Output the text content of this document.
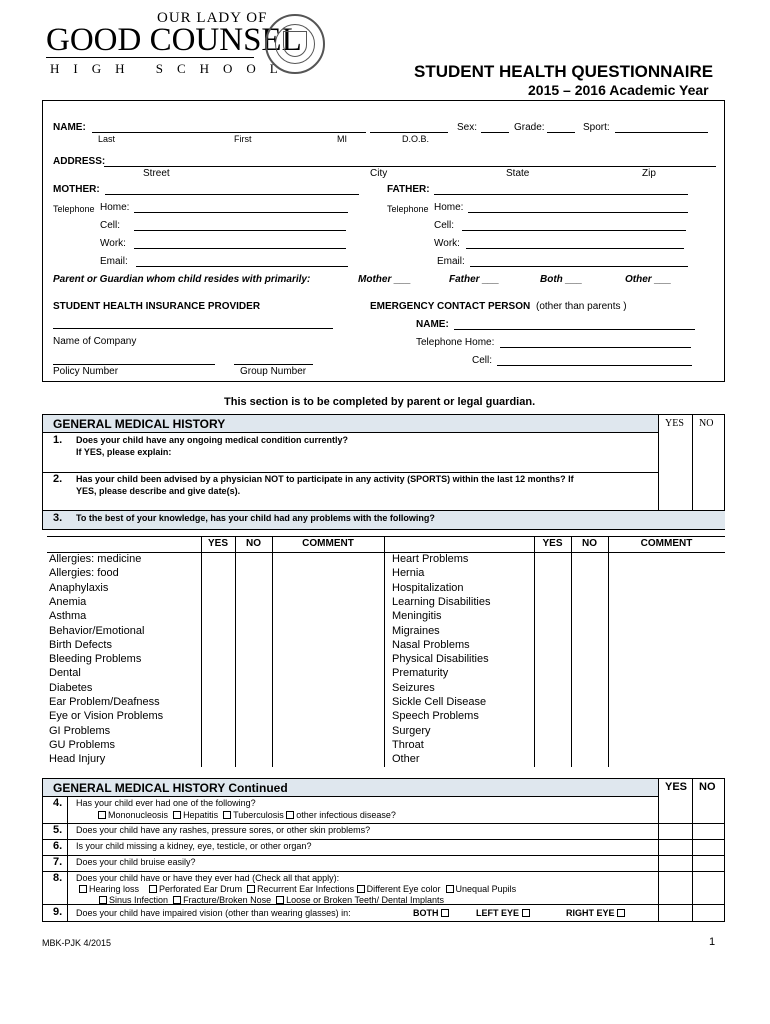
OUR LADY OF
GOOD COUNSEL
HIGH SCHOOL	STUDENT HEALTH QUESTIONNAIRE
2015 – 2016 Academic Year
NAME:
Last	First	MI	D.O.B.
Sex:	Grade:	Sport:
ADDRESS:
Street	City	State	Zip
MOTHER:	FATHER:
Telephone Home:
Cell:
Work:
Email:
Telephone Home:
Cell:
Work:
Email:
Parent or Guardian whom child resides with primarily:	Mother ___	Father ___	Both ___	Other ___
STUDENT HEALTH INSURANCE PROVIDER	EMERGENCY CONTACT PERSON (other than parents )
NAME:
Name of Company	Telephone Home:
Cell:
Policy Number	Group Number
This section is to be completed by parent or legal guardian.
GENERAL MEDICAL HISTORY	YES NO
1. Does your child have any ongoing medical condition currently?
If YES, please explain:
2. Has your child been advised by a physician NOT to participate in any activity (SPORTS) within the last 12 months? If
YES, please describe and give date(s).
3. To the best of your knowledge, has your child had any problems with the following?
YES	NO	COMMENT	YES	NO	COMMENT
Allergies: medicine	Heart Problems
Allergies: food	Hernia
Anaphylaxis	Hospitalization
Anemia	Learning Disabilities
Asthma	Meningitis
Behavior/Emotional	Migraines
Birth Defects	Nasal Problems
Bleeding Problems	Physical Disabilities
Dental	Prematurity
Diabetes	Seizures
Ear Problem/Deafness	Sickle Cell Disease
Eye or Vision Problems	Speech Problems
GI Problems	Surgery
GU Problems	Throat
Head Injury	Other
GENERAL MEDICAL HISTORY Continued	YES NO
4. Has your child ever had one of the following?
Mononucleosis Hepatitis Tuberculosis other infectious disease?
5. Does your child have any rashes, pressure sores, or other skin problems?
6. Is your child missing a kidney, eye, testicle, or other organ?
7. Does your child bruise easily?
8. Does your child have or have they ever had (Check all that apply):
Hearing loss Perforated Ear Drum Recurrent Ear Infections Different Eye color Unequal Pupils
Sinus Infection Fracture/Broken Nose Loose or Broken Teeth/ Dental Implants
9. Does your child have impaired vision (other than wearing glasses) in:	BOTH	LEFT EYE	RIGHT EYE
MBK-PJK 4/2015	1
